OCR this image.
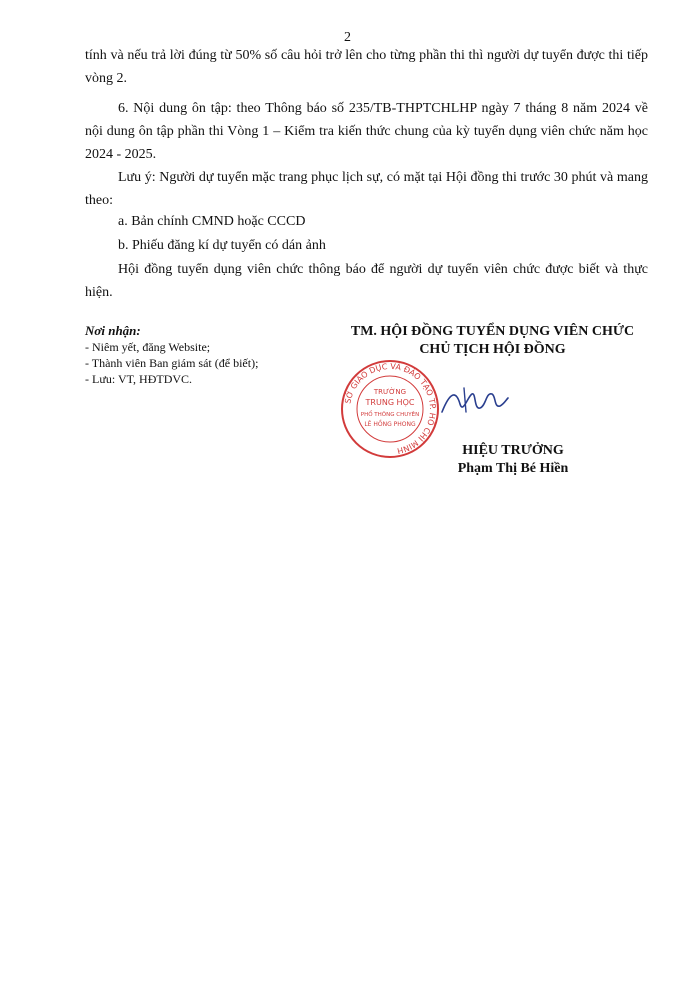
2

tính và nếu trả lời đúng từ 50% số câu hỏi trở lên cho từng phần thi thì người dự tuyển được thi tiếp vòng 2.

6. Nội dung ôn tập: theo Thông báo số 235/TB-THPTCHLHP ngày 7 tháng 8 năm 2024 về nội dung ôn tập phần thi Vòng 1 – Kiểm tra kiến thức chung của kỳ tuyển dụng viên chức năm học 2024 - 2025.

Lưu ý: Người dự tuyển mặc trang phục lịch sự, có mặt tại Hội đồng thi trước 30 phút và mang theo:

a. Bản chính CMND hoặc CCCD

b. Phiếu đăng kí dự tuyển có dán ảnh

Hội đồng tuyển dụng viên chức thông báo để người dự tuyển viên chức được biết và thực hiện.

Nơi nhận:
- Niêm yết, đăng Website;
- Thành viên Ban giám sát (để biết);
- Lưu: VT, HĐTDVC.
TM. HỘI ĐỒNG TUYỂN DỤNG VIÊN CHỨC
CHỦ TỊCH HỘI ĐỒNG
HIỆU TRƯỞNG
Phạm Thị Bé Hiền
SỞ GIÁO DỤC VÀ ĐÀO TẠO TP. HỒ CHÍ MINH
TRƯỜNG
TRUNG HỌC
PHỔ THÔNG CHUYÊN
LÊ HỒNG PHONG
